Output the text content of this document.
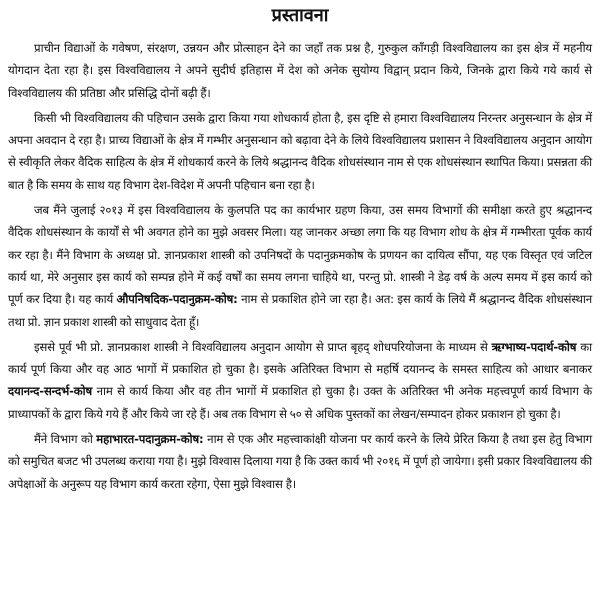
प्रस्तावना

प्राचीन विद्याओं के गवेषण, संरक्षण, उन्नयन और प्रोत्साहन देने का जहाँ तक प्रश्न है, गुरुकुल काँगड़ी विश्वविद्यालय का इस क्षेत्र में महनीय योगदान देता रहा है। इस विश्वविद्यालय ने अपने सुदीर्घ इतिहास में देश को अनेक सुयोग्य विद्वान् प्रदान किये, जिनके द्वारा किये गये कार्य से विश्वविद्यालय की प्रतिष्ठा और प्रसिद्धि दोनों बढ़ी हैं।

किसी भी विश्वविद्यालय की पहिचान उसके द्वारा किया गया शोधकार्य होता है, इस दृष्टि से हमारा विश्वविद्यालय निरन्तर अनुसन्धान के क्षेत्र में अपना अवदान दे रहा है। प्राच्य विद्याओं के क्षेत्र में गम्भीर अनुसन्धान को बढ़ावा देने के लिये विश्वविद्यालय प्रशासन ने विश्वविद्यालय अनुदान आयोग से स्वीकृति लेकर वैदिक साहित्य के क्षेत्र में शोधकार्य करने के लिये श्रद्धानन्द वैदिक शोधसंस्थान नाम से एक शोधसंस्थान स्थापित किया। प्रसन्नता की बात है कि समय के साथ यह विभाग देश-विदेश में अपनी पहिचान बना रहा है।

जब मैंने जुलाई २०१३ में इस विश्वविद्यालय के कुलपति पद का कार्यभार ग्रहण किया, उस समय विभागों की समीक्षा करते हुए श्रद्धानन्द वैदिक शोधसंस्थान के कार्यों से भी अवगत होने का मुझे अवसर मिला। यह जानकर अच्छा लगा कि यह विभाग शोध के क्षेत्र में गम्भीरता पूर्वक कार्य कर रहा है। मैंने विभाग के अध्यक्ष प्रो. ज्ञानप्रकाश शास्त्री को उपनिषदों के पदानुक्रमकोष के प्रणयन का दायित्व सौंपा, यह एक विस्तृत एवं जटिल कार्य था, मेरे अनुसार इस कार्य को सम्पन्न होने में कई वर्षों का समय लगना चाहिये था, परन्तु प्रो. शास्त्री ने डेढ़ वर्ष के अल्प समय में इस कार्य को पूर्ण कर दिया है। यह कार्य औपनिषदिक-पदानुक्रम-कोष: नाम से प्रकाशित होने जा रहा है। अत: इस कार्य के लिये मैं श्रद्धानन्द वैदिक शोधसंस्थान तथा प्रो. ज्ञान प्रकाश शास्त्री को साधुवाद देता हूँ।

इससे पूर्व भी प्रो. ज्ञानप्रकाश शास्त्री ने विश्वविद्यालय अनुदान आयोग से प्राप्त बृहद् शोधपरियोजना के माध्यम से ऋग्भाष्य-पदार्थ-कोष का कार्य पूर्ण किया और वह आठ भागों में प्रकाशित हो चुका है। इसके अतिरिक्त विभाग से महर्षि दयानन्द के समस्त साहित्य को आधार बनाकर दयानन्द-सन्दर्भ-कोष नाम से कार्य किया और वह तीन भागों में प्रकाशित हो चुका है। उक्त के अतिरिक्त भी अनेक महत्त्वपूर्ण कार्य विभाग के प्राध्यापकों के द्वारा किये गये हैं और किये जा रहे हैं। अब तक विभाग से ५० से अधिक पुस्तकों का लेखन/सम्पादन होकर प्रकाशन हो चुका है।

मैंने विभाग को महाभारत-पदानुक्रम-कोष: नाम से एक और महत्त्वाकांक्षी योजना पर कार्य करने के लिये प्रेरित किया है तथा इस हेतु विभाग को समुचित बजट भी उपलब्ध कराया गया है। मुझे विश्वास दिलाया गया है कि उक्त कार्य भी २०१६ में पूर्ण हो जायेगा। इसी प्रकार विश्वविद्यालय की अपेक्षाओं के अनुरूप यह विभाग कार्य करता रहेगा, ऐसा मुझे विश्वास है।
